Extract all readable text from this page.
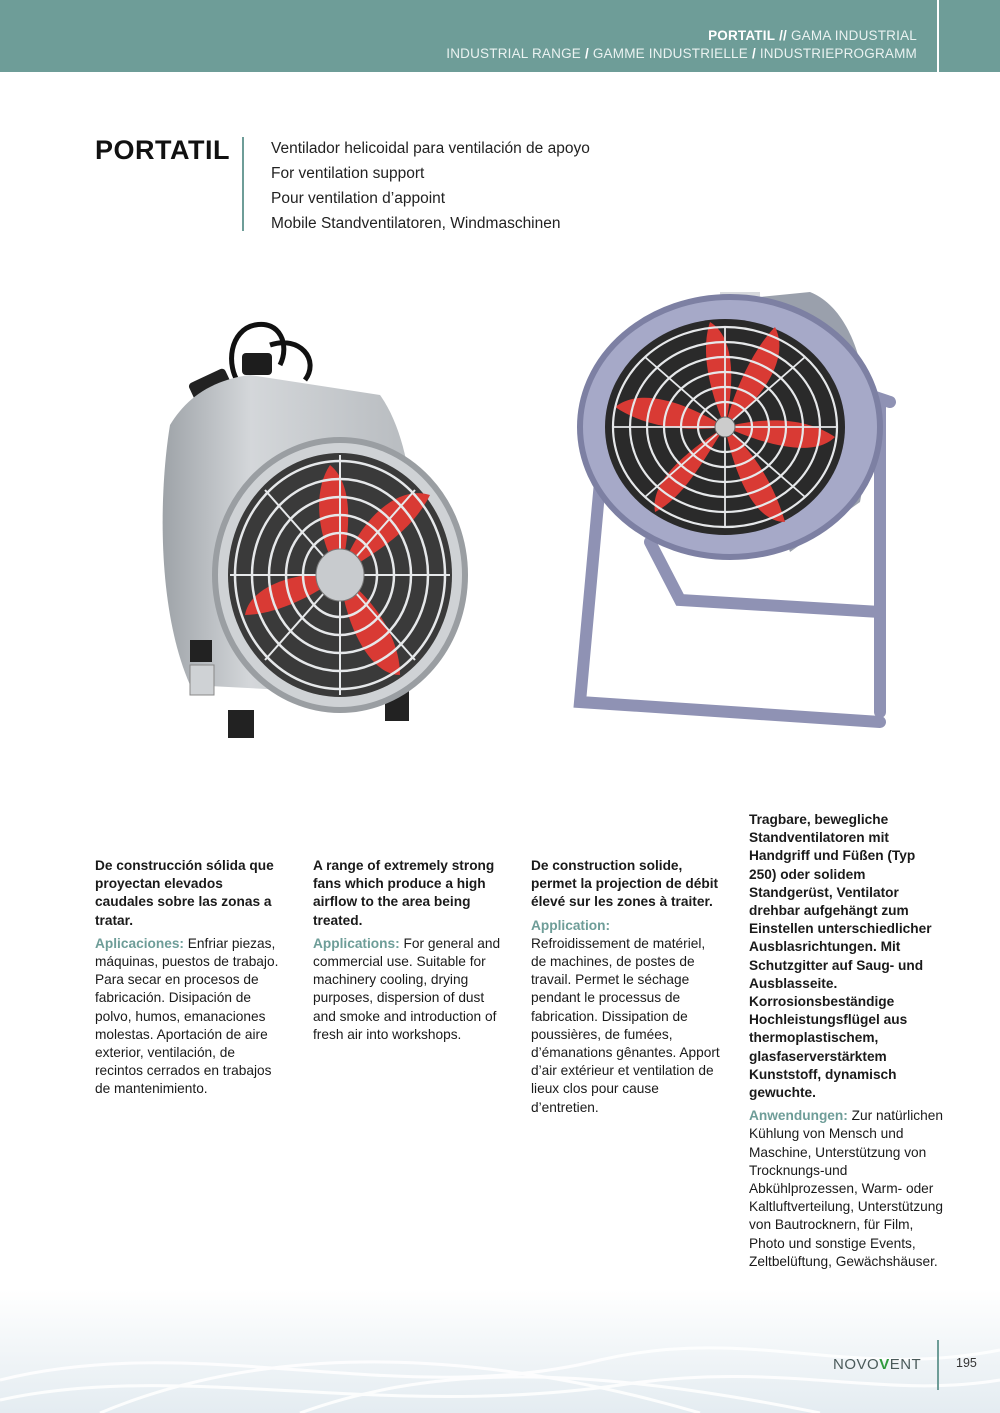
PORTATIL // GAMA INDUSTRIAL
INDUSTRIAL RANGE / GAMME INDUSTRIELLE / INDUSTRIEPROGRAMM
PORTATIL	Ventilador helicoidal para ventilación de apoyo
For ventilation support
Pour ventilation d’appoint
Mobile Standventilatoren, Windmaschinen
De construcción sólida que proyectan elevados caudales sobre las zonas a tratar.
Aplicaciones: Enfriar piezas, máquinas, puestos de trabajo. Para secar en procesos de fabricación. Disipación de polvo, humos, emanaciones molestas. Aportación de aire exterior, ventilación, de recintos cerrados en trabajos de mantenimiento.
A range of extremely strong fans which produce a high airflow to the area being treated.
Applications: For general and commercial use. Suitable for machinery cooling, drying purposes, dispersion of dust and smoke and introduction of fresh air into workshops.
De construction solide, permet la projection de débit élevé sur les zones à traiter.
Application:
Refroidissement de matériel, de machines, de postes de travail. Permet le séchage pendant le processus de fabrication. Dissipation de poussières, de fumées, d’émanations gênantes. Apport d’air extérieur et ventilation de lieux clos pour cause d’entretien.
Tragbare, bewegliche Standventilatoren mit Handgriff und Füßen (Typ 250) oder solidem Standgerüst, Ventilator drehbar aufgehängt zum Einstellen unterschiedlicher Ausblasrichtungen. Mit Schutzgitter auf Saug- und Ausblasseite. Korrosionsbeständige Hochleistungsflügel aus thermoplastischem, glasfaserverstärktem Kunststoff, dynamisch gewuchte.
Anwendungen: Zur natürlichen Kühlung von Mensch und Maschine, Unterstützung von Trocknungs-und Abkühlprozessen, Warm- oder Kaltluftverteilung, Unterstützung von Bautrocknern, für Film, Photo und sonstige Events, Zeltbelüftung, Gewächshäuser.
NOVOVENT	195
